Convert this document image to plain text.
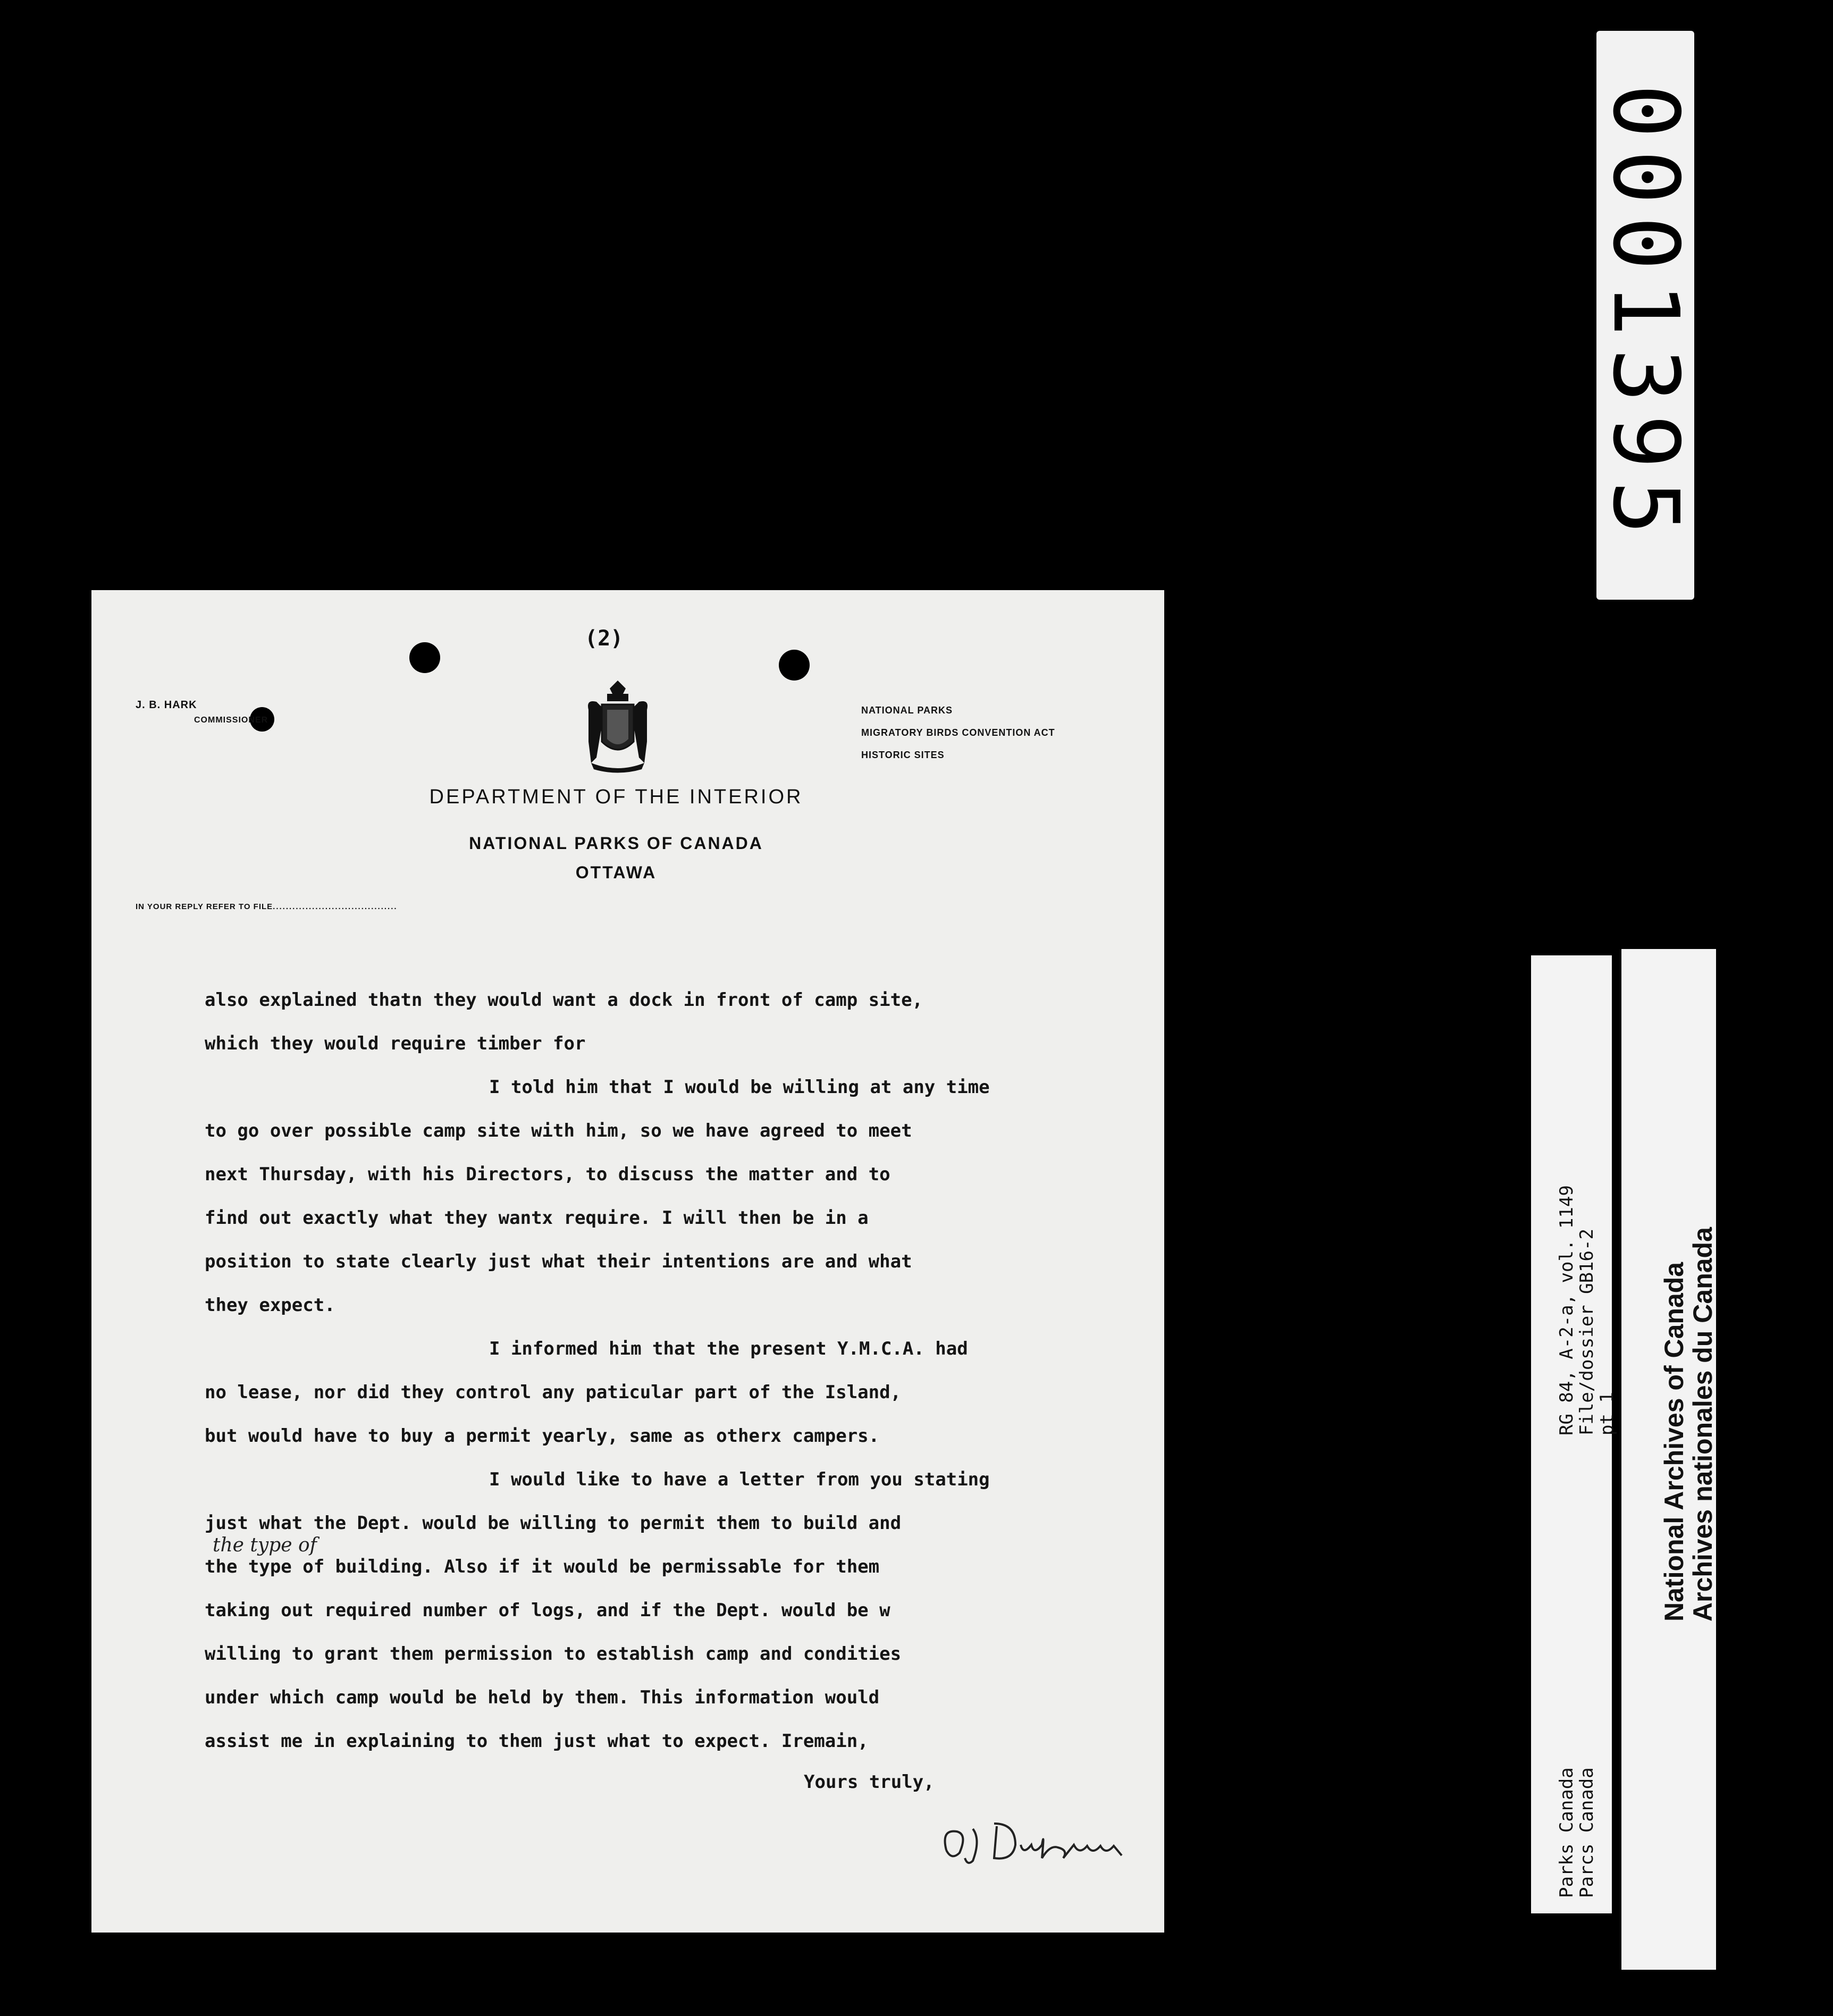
0001395
(2)
J. B. HARK
COMMISSIONER
NATIONAL PARKS
MIGRATORY BIRDS CONVENTION ACT
HISTORIC SITES
DEPARTMENT OF THE INTERIOR
NATIONAL PARKS OF CANADA
OTTAWA
IN YOUR REPLY REFER TO FILE......................................
also explained thatn they would want a dock in front of camp site,
which they would require timber for
I told him that I would be willing at any time
to go over possible camp site with him, so we have agreed to meet
next Thursday, with his Directors, to discuss the matter and to
find out exactly what they wantx require. I will then be in a
position to state clearly just what their intentions are and what
they expect.
I informed him that the present Y.M.C.A. had
no lease, nor did they control any paticular part of the Island,
but would have to buy a permit yearly, same as otherx campers.
I would like to have a letter from you stating
just what the Dept. would be willing to permit them to build and
the type of building. Also if it would be permissable for them
taking out required number of logs, and if the Dept. would be w
willing to grant them permission to establish camp and condities
under which camp would be held by them. This information would
assist me in explaining to them just what to expect. Iremain,
the type of
Yours truly,	Parks Canada
Parcs Canada
RG 84, A-2-a, vol. 1149
File/dossier GB16-2
pt 1 National Archives of Canada
Archives nationales du Canada
